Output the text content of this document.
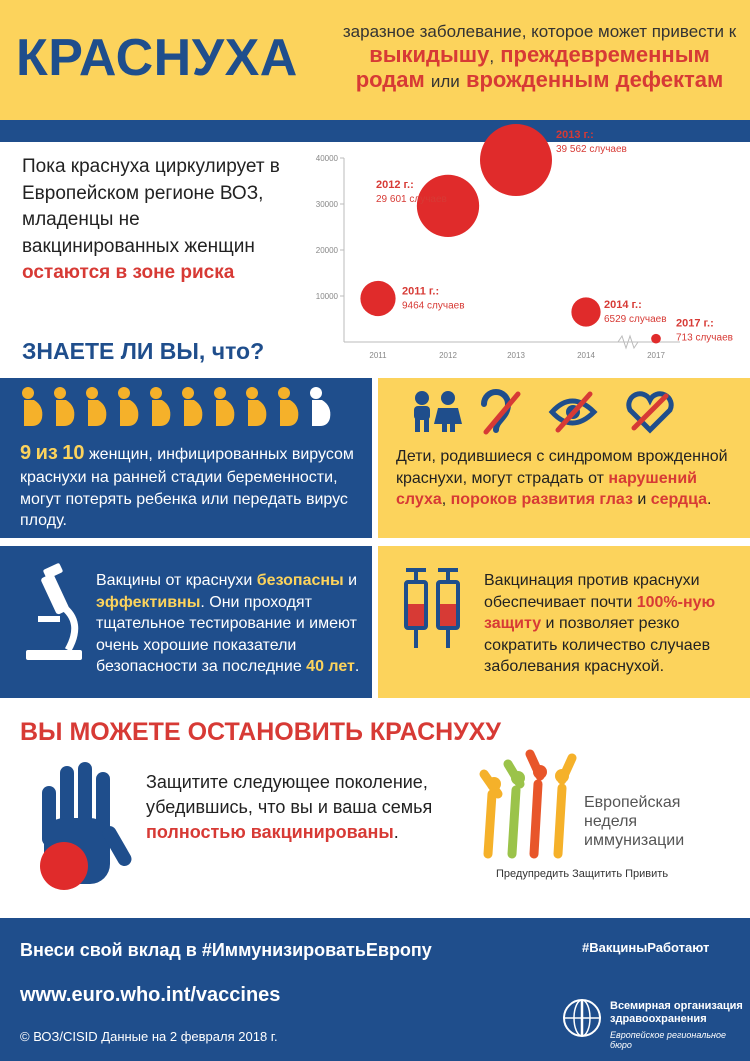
КРАСНУХА	заразное заболевание, которое может привести к
выкидышу, преждевременным
родам или врожденным дефектам
Пока краснуха циркулирует в Европейском регионе ВОЗ, младенцы не вакцинированных женщин остаются в зоне риска
10000
20000
30000
40000
2011	2012	2013	2014	2017
2011 г.:
9464 случаев
2012 г.:
29 601 случаев
2013 г.:
39 562 случаев
2014 г.:
6529 случаев 2017 г.:
713 случаев
ЗНАЕТЕ ЛИ ВЫ, что?
9 из 10 женщин, инфицированных вирусом краснухи на ранней стадии беременности, могут потерять ребенка или передать вирус плоду.
Дети, родившиеся с синдромом врожденной краснухи, могут страдать от нарушений слуха, пороков развития глаз и сердца.
Вакцины от краснухи безопасны и эффективны. Они проходят тщательное тестирование и имеют очень хорошие показатели безопасности за последние 40 лет.
Вакцинация против краснухи обеспечивает почти 100%-ную защиту и позволяет резко сократить количество случаев заболевания краснухой.
ВЫ МОЖЕТЕ ОСТАНОВИТЬ КРАСНУХУ
Защитите следующее поколение, убедившись, что вы и ваша семья полностью вакцинированы.
Европейская
неделя
иммунизации
Предупредить Защитить Привить
Внеси свой вклад в #ИммунизироватьЕвропу	#ВакциныРаботают
www.euro.who.int/vaccines
© ВОЗ/CISID Данные на 2 февраля 2018 г.
Всемирная организация
здравоохранения
Европейское региональное бюро
